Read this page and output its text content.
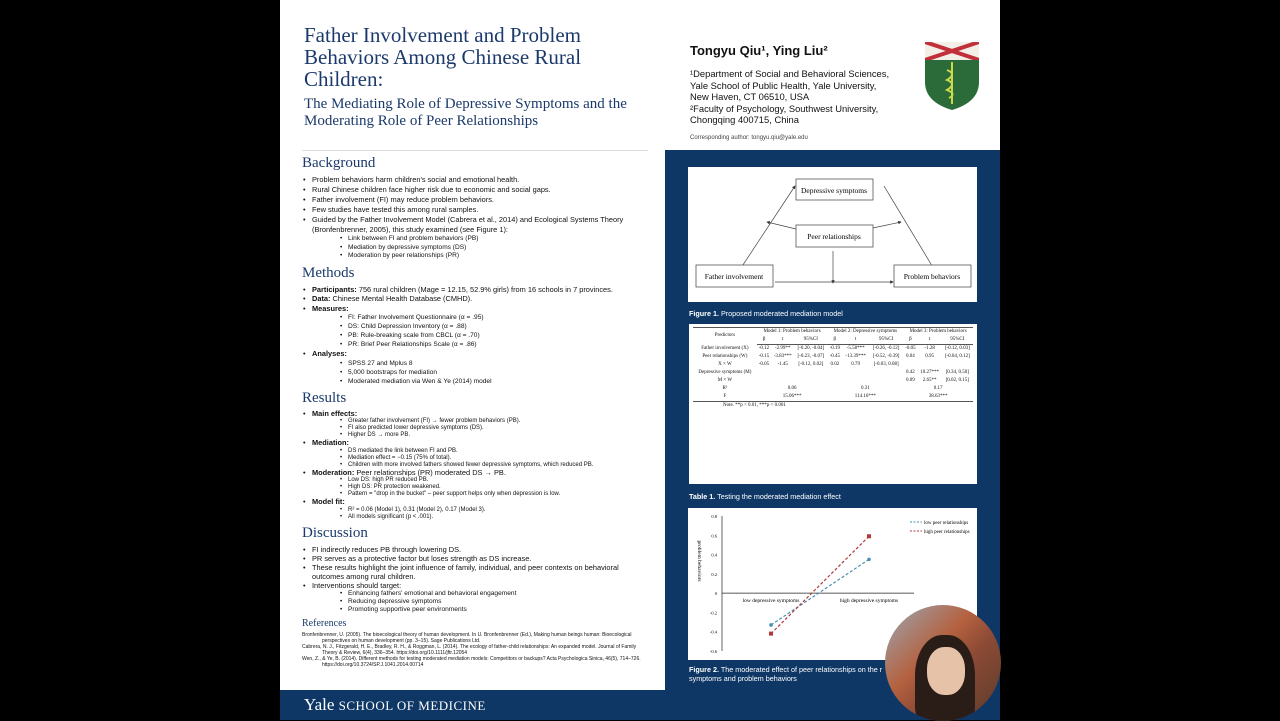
Father Involvement and Problem Behaviors Among Chinese Rural Children:
The Mediating Role of Depressive Symptoms and the Moderating Role of Peer Relationships
Tongyu Qiu¹, Ying Liu²
¹Department of Social and Behavioral Sciences,
Yale School of Public Health, Yale University,
New Haven, CT 06510, USA
²Faculty of Psychology, Southwest University,
Chongqing 400715, China
Corresponding author: tongyu.qiu@yale.edu
Background
• Problem behaviors harm children's social and emotional health.
• Rural Chinese children face higher risk due to economic and social gaps.
• Father involvement (FI) may reduce problem behaviors.
• Few studies have tested this among rural samples.
• Guided by the Father Involvement Model (Cabrera et al., 2014) and Ecological Systems Theory (Bronfenbrenner, 2005), this study examined (see Figure 1):
• Link between FI and problem behaviors (PB)
• Mediation by depressive symptoms (DS)
• Moderation by peer relationships (PR)
Methods
• Participants: 756 rural children (Mage = 12.15, 52.9% girls) from 16 schools in 7 provinces.
• Data: Chinese Mental Health Database (CMHD).
• Measures:
• FI: Father Involvement Questionnaire (α = .95)
• DS: Child Depression Inventory (α = .88)
• PB: Rule-breaking scale from CBCL (α = .70)
• PR: Brief Peer Relationships Scale (α = .86)
• Analyses:
• SPSS 27 and Mplus 8
• 5,000 bootstraps for mediation
• Moderated mediation via Wen & Ye (2014) model
Results
• Main effects:
• Greater father involvement (FI) → fewer problem behaviors (PB).
• FI also predicted lower depressive symptoms (DS).
• Higher DS → more PB.
• Mediation:
• DS mediated the link between FI and PB.
• Mediation effect = −0.15 (75% of total).
• Children with more involved fathers showed fewer depressive symptoms, which reduced PB.
• Moderation: Peer relationships (PR) moderated DS → PB.
• Low DS: high PR reduced PB.
• High DS: PR protection weakened.
• Pattern = "drop in the bucket" – peer support helps only when depression is low.
• Model fit:
• R² = 0.06 (Model 1), 0.31 (Model 2), 0.17 (Model 3).
• All models significant (p < .001).
Discussion
• FI indirectly reduces PB through lowering DS.
• PR serves as a protective factor but loses strength as DS increase.
• These results highlight the joint influence of family, individual, and peer contexts on behavioral outcomes among rural children.
• Interventions should target:
• Enhancing fathers' emotional and behavioral engagement
• Reducing depressive symptoms
• Promoting supportive peer environments
References

Bronfenbrenner, U. (2005). The bioecological theory of human development. In U. Bronfenbrenner (Ed.), Making human beings human: Bioecological perspectives on human development (pp. 3–15). Sage Publications Ltd.

Cabrera, N. J., Fitzgerald, H. E., Bradley, R. H., & Roggman, L. (2014). The ecology of father-child relationships: An expanded model. Journal of Family Theory & Review, 6(4), 336–354. https://doi.org/10.1111/jftr.12054

Wen, Z., & Ye, B. (2014). Different methods for testing moderated mediation models: Competitors or backups? Acta Psychologica Sinica, 46(5), 714–726. https://doi.org/10.3724/SP.J.1041.2014.00714

Depressive symptoms
Peer relationships
Father involvement	Problem behaviors
Figure 1. Proposed moderated mediation model
Predictors	Model 1: Problem behaviors			Model 2: Depressive symptoms			Model 3: Problem behaviors		
	β	t	95%CI	β	t	95%CI	β	t	95%CI
Father involvement (X)	-0.12	-2.99**	[-0.20, -0.04]	-0.19	-5.58***	[-0.26, -0.12]	-0.05	-1.28	[-0.12, 0.03]
Peer relationships (W)	-0.15	-3.83***	[-0.23, -0.07]	-0.45	-13.39***	[-0.52, -0.39]	0.04	0.95	[-0.04, 0.12]
X × W	-0.05	-1.45	[-0.12, 0.02]	0.02	0.79	[-0.03, 0.08]			
Depressive symptoms (M)							0.42	10.27***	[0.34, 0.50]
M × W							0.09	2.65**	[0.02, 0.15]
R²	0.06			0.31			0.17		
F	15.06***			114.16***			38.63***		
Note. **p < 0.01, ***p < 0.001									
Table 1. Testing the moderated mediation effect
-0.6
-0.4
-0.2
0
0.2
0.4
0.6
0.8
problem behaviors
low depressive symptoms	high depressive symptoms
low peer relationships
high peer relationships
Figure 2. The moderated effect of peer relationships on the r
symptoms and problem behaviors
Yale SCHOOL OF MEDICINE
